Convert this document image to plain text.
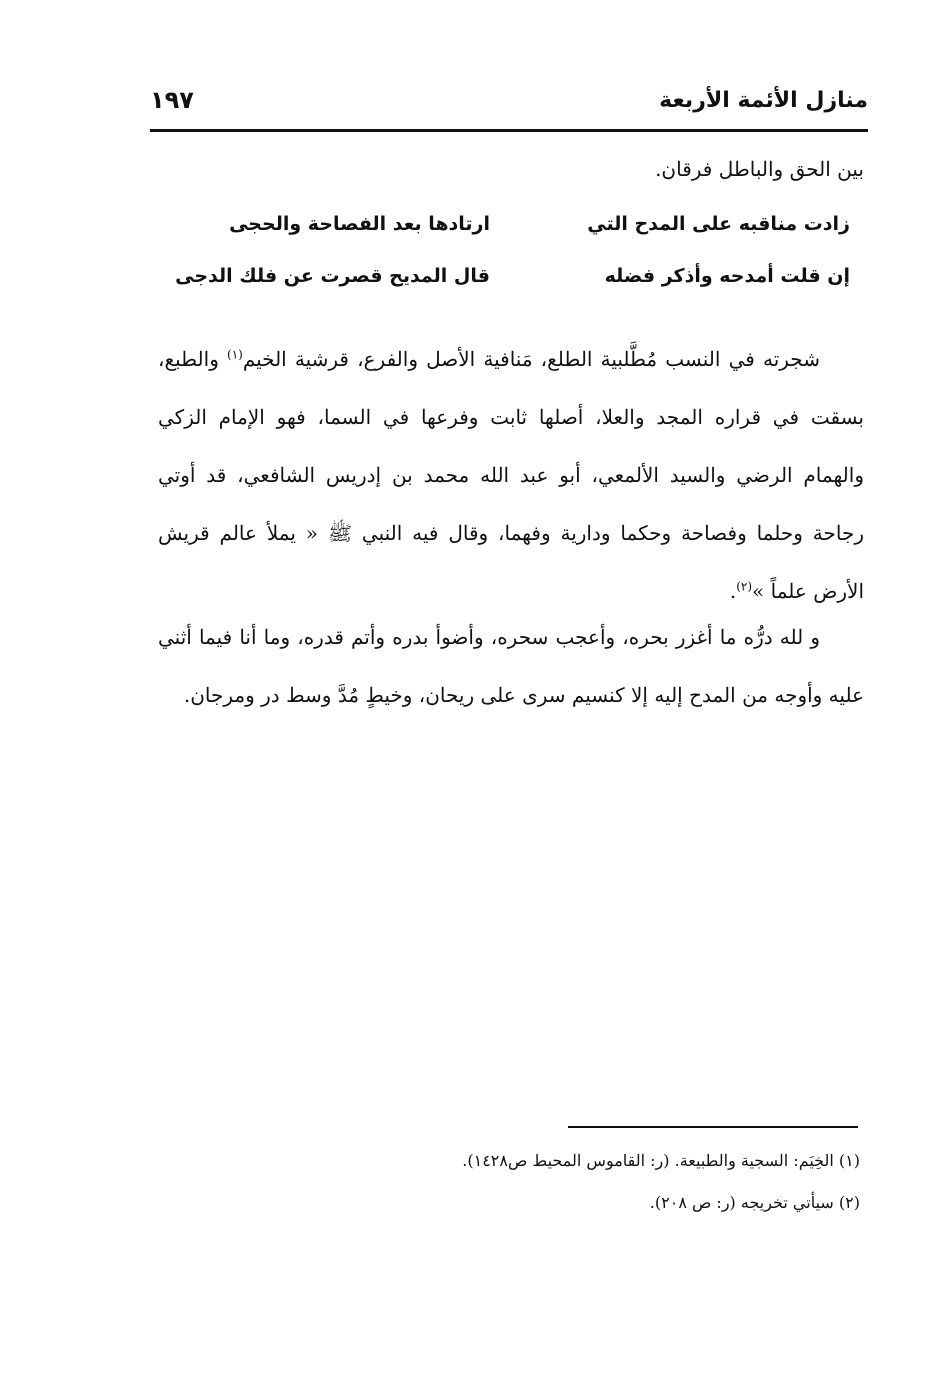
١٩٧	منازل الأئمة الأربعة
بين الحق والباطل فرقان.
زادت مناقبه على المدح التي
ارتادها بعد الفصاحة والحجى
إن قلت أمدحه وأذكر فضله
قال المديح قصرت عن فلك الدجى

شجرته في النسب مُطَّلبية الطلع، مَنافية الأصل والفرع، قرشية الخيم$^{(١)}$ والطبع، بسقت في قراره المجد والعلا، أصلها ثابت وفرعها في السما، فهو الإمام الزكي والهمام الرضي والسيد الألمعي، أبو عبد الله محمد بن إدريس الشافعي، قد أوتي رجاحة وحلما وفصاحة وحكما ودارية وفهما، وقال فيه النبي ﷺ « يملأ عالم قريش الأرض علماً »$^{(٢)}$.

و لله درُّه ما أغزر بحره، وأعجب سحره، وأضوأ بدره وأتم قدره، وما أنا فيما أثني عليه وأوجه من المدح إليه إلا كنسيم سرى على ريحان، وخيطٍ مُدَّ وسط در ومرجان.

(١) الخِيَم: السجية والطبيعة. (ر: القاموس المحيط ص١٤٢٨).
(٢) سيأتي تخريجه (ر: ص ٢٠٨).
